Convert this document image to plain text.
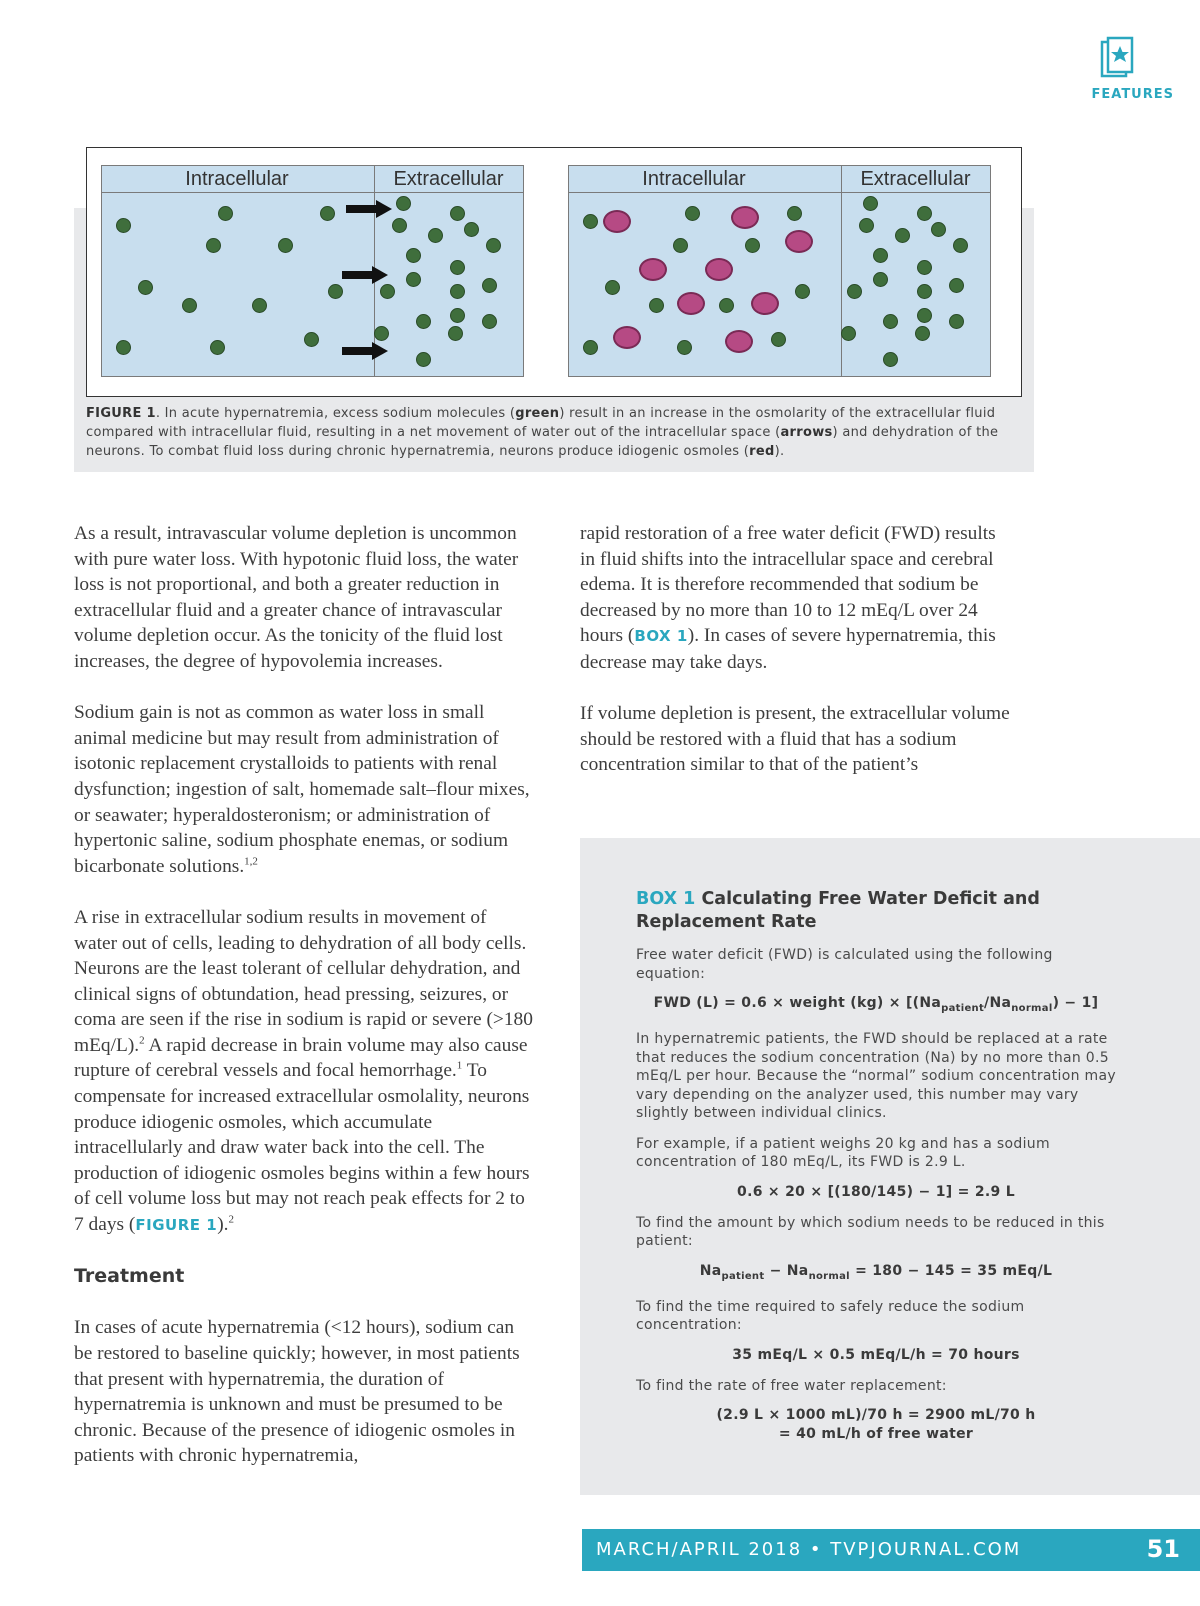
FEATURES
Intracellular	Extracellular	Intracellular	Extracellular
FIGURE 1. In acute hypernatremia, excess sodium molecules (green) result in an increase in the osmolarity of the extracellular fluid compared with intracellular fluid, resulting in a net movement of water out of the intracellular space (arrows) and dehydration of the neurons. To combat fluid loss during chronic hypernatremia, neurons produce idiogenic osmoles (red).

As a result, intravascular volume depletion is uncommon with pure water loss. With hypotonic fluid loss, the water loss is not proportional, and both a greater reduction in extracellular fluid and a greater chance of intravascular volume depletion occur. As the tonicity of the fluid lost increases, the degree of hypovolemia increases.

Sodium gain is not as common as water loss in small animal medicine but may result from administration of isotonic replacement crystalloids to patients with renal dysfunction; ingestion of salt, homemade salt–flour mixes, or seawater; hyperaldosteronism; or administration of hypertonic saline, sodium phosphate enemas, or sodium bicarbonate solutions.$^{1,2}$

A rise in extracellular sodium results in movement of water out of cells, leading to dehydration of all body cells. Neurons are the least tolerant of cellular dehydration, and clinical signs of obtundation, head pressing, seizures, or coma are seen if the rise in sodium is rapid or severe (>180 mEq/L).$^2$ A rapid decrease in brain volume may also cause rupture of cerebral vessels and focal hemorrhage.$^1$ To compensate for increased extracellular osmolality, neurons produce idiogenic osmoles, which accumulate intracellularly and draw water back into the cell. The production of idiogenic osmoles begins within a few hours of cell volume loss but may not reach peak effects for 2 to 7 days (FIGURE 1).$^2$

Treatment

In cases of acute hypernatremia (<12 hours), sodium can be restored to baseline quickly; however, in most patients that present with hypernatremia, the duration of hypernatremia is unknown and must be presumed to be chronic. Because of the presence of idiogenic osmoles in patients with chronic hypernatremia,

rapid restoration of a free water deficit (FWD) results in fluid shifts into the intracellular space and cerebral edema. It is therefore recommended that sodium be decreased by no more than 10 to 12 mEq/L over 24 hours (BOX 1). In cases of severe hypernatremia, this decrease may take days.

If volume depletion is present, the extracellular volume should be restored with a fluid that has a sodium concentration similar to that of the patient’s

BOX 1 Calculating Free Water Deficit and Replacement Rate
Free water deficit (FWD) is calculated using the following equation:
FWD (L) = 0.6 × weight $(kg) \times [(Na_{patient}/Na_{normal}) - 1]$
In hypernatremic patients, the FWD should be replaced at a rate that reduces the sodium concentration (Na) by no more than 0.5 mEq/L per hour. Because the “normal” sodium concentration may vary depending on the analyzer used, this number may vary slightly between individual clinics.
For example, if a patient weighs 20 kg and has a sodium concentration of 180 mEq/L, its FWD is 2.9 L.
0.6 × 20 × [(180/145) − 1] = 2.9 L
To find the amount by which sodium needs to be reduced in this patient:
$Na_{patient} - Na_{normal} = 180 - 145 = 35$ mEq/L
To find the time required to safely reduce the sodium concentration:
35 mEq/L × 0.5 mEq/L/h = 70 hours
To find the rate of free water replacement:
(2.9 L × 1000 mL)/70 h = 2900 mL/70 h
= 40 mL/h of free water
MARCH/APRIL 2018 • TVPJOURNAL.COM	51
